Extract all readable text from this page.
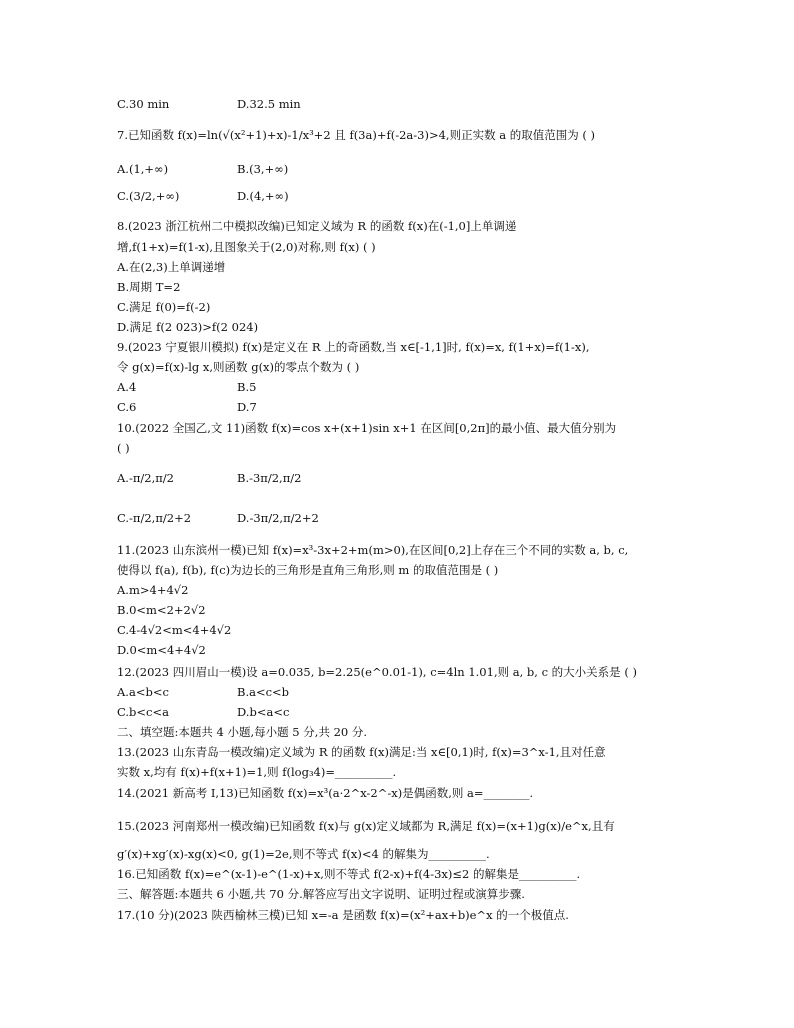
C.30 min	D.32.5 min
7.已知函数 f(x)=ln(√(x²+1)+x)-1/x³+2 且 f(3a)+f(-2a-3)>4,则正实数 a 的取值范围为 ( )
A.(1,+∞)	B.(3,+∞)
C.(3/2,+∞)	D.(4,+∞)
8.(2023 浙江杭州二中模拟改编)已知定义域为 R 的函数 f(x)在(-1,0]上单调递
增,f(1+x)=f(1-x),且图象关于(2,0)对称,则 f(x) ( )
A.在(2,3)上单调递增
B.周期 T=2
C.满足 f(0)=f(-2)
D.满足 f(2 023)>f(2 024)
9.(2023 宁夏银川模拟) f(x)是定义在 R 上的奇函数,当 x∈[-1,1]时, f(x)=x, f(1+x)=f(1-x),
令 g(x)=f(x)-lg x,则函数 g(x)的零点个数为 ( )
A.4	B.5
C.6	D.7
10.(2022 全国乙,文 11)函数 f(x)=cos x+(x+1)sin x+1 在区间[0,2π]的最小值、最大值分别为
( )
A.-π/2,π/2	B.-3π/2,π/2
C.-π/2,π/2+2	D.-3π/2,π/2+2
11.(2023 山东滨州一模)已知 f(x)=x³-3x+2+m(m>0),在区间[0,2]上存在三个不同的实数 a, b, c,
使得以 f(a), f(b), f(c)为边长的三角形是直角三角形,则 m 的取值范围是 ( )
A.m>4+4√2
B.0<m<2+2√2
C.4-4√2<m<4+4√2
D.0<m<4+4√2
12.(2023 四川眉山一模)设 a=0.035, b=2.25(e^0.01-1), c=4ln 1.01,则 a, b, c 的大小关系是 ( )
A.a<b<c	B.a<c<b
C.b<c<a	D.b<a<c
二、填空题:本题共 4 小题,每小题 5 分,共 20 分.
13.(2023 山东青岛一模改编)定义域为 R 的函数 f(x)满足:当 x∈[0,1)时, f(x)=3^x-1,且对任意
实数 x,均有 f(x)+f(x+1)=1,则 f(log₃4)=__________.
14.(2021 新高考 Ⅰ,13)已知函数 f(x)=x³(a·2^x-2^-x)是偶函数,则 a=________.
15.(2023 河南郑州一模改编)已知函数 f(x)与 g(x)定义域都为 R,满足 f(x)=(x+1)g(x)/e^x,且有
g′(x)+xg′(x)-xg(x)<0, g(1)=2e,则不等式 f(x)<4 的解集为__________.
16.已知函数 f(x)=e^(x-1)-e^(1-x)+x,则不等式 f(2-x)+f(4-3x)≤2 的解集是__________.
三、解答题:本题共 6 小题,共 70 分.解答应写出文字说明、证明过程或演算步骤.
17.(10 分)(2023 陕西榆林三模)已知 x=-a 是函数 f(x)=(x²+ax+b)e^x 的一个极值点.
